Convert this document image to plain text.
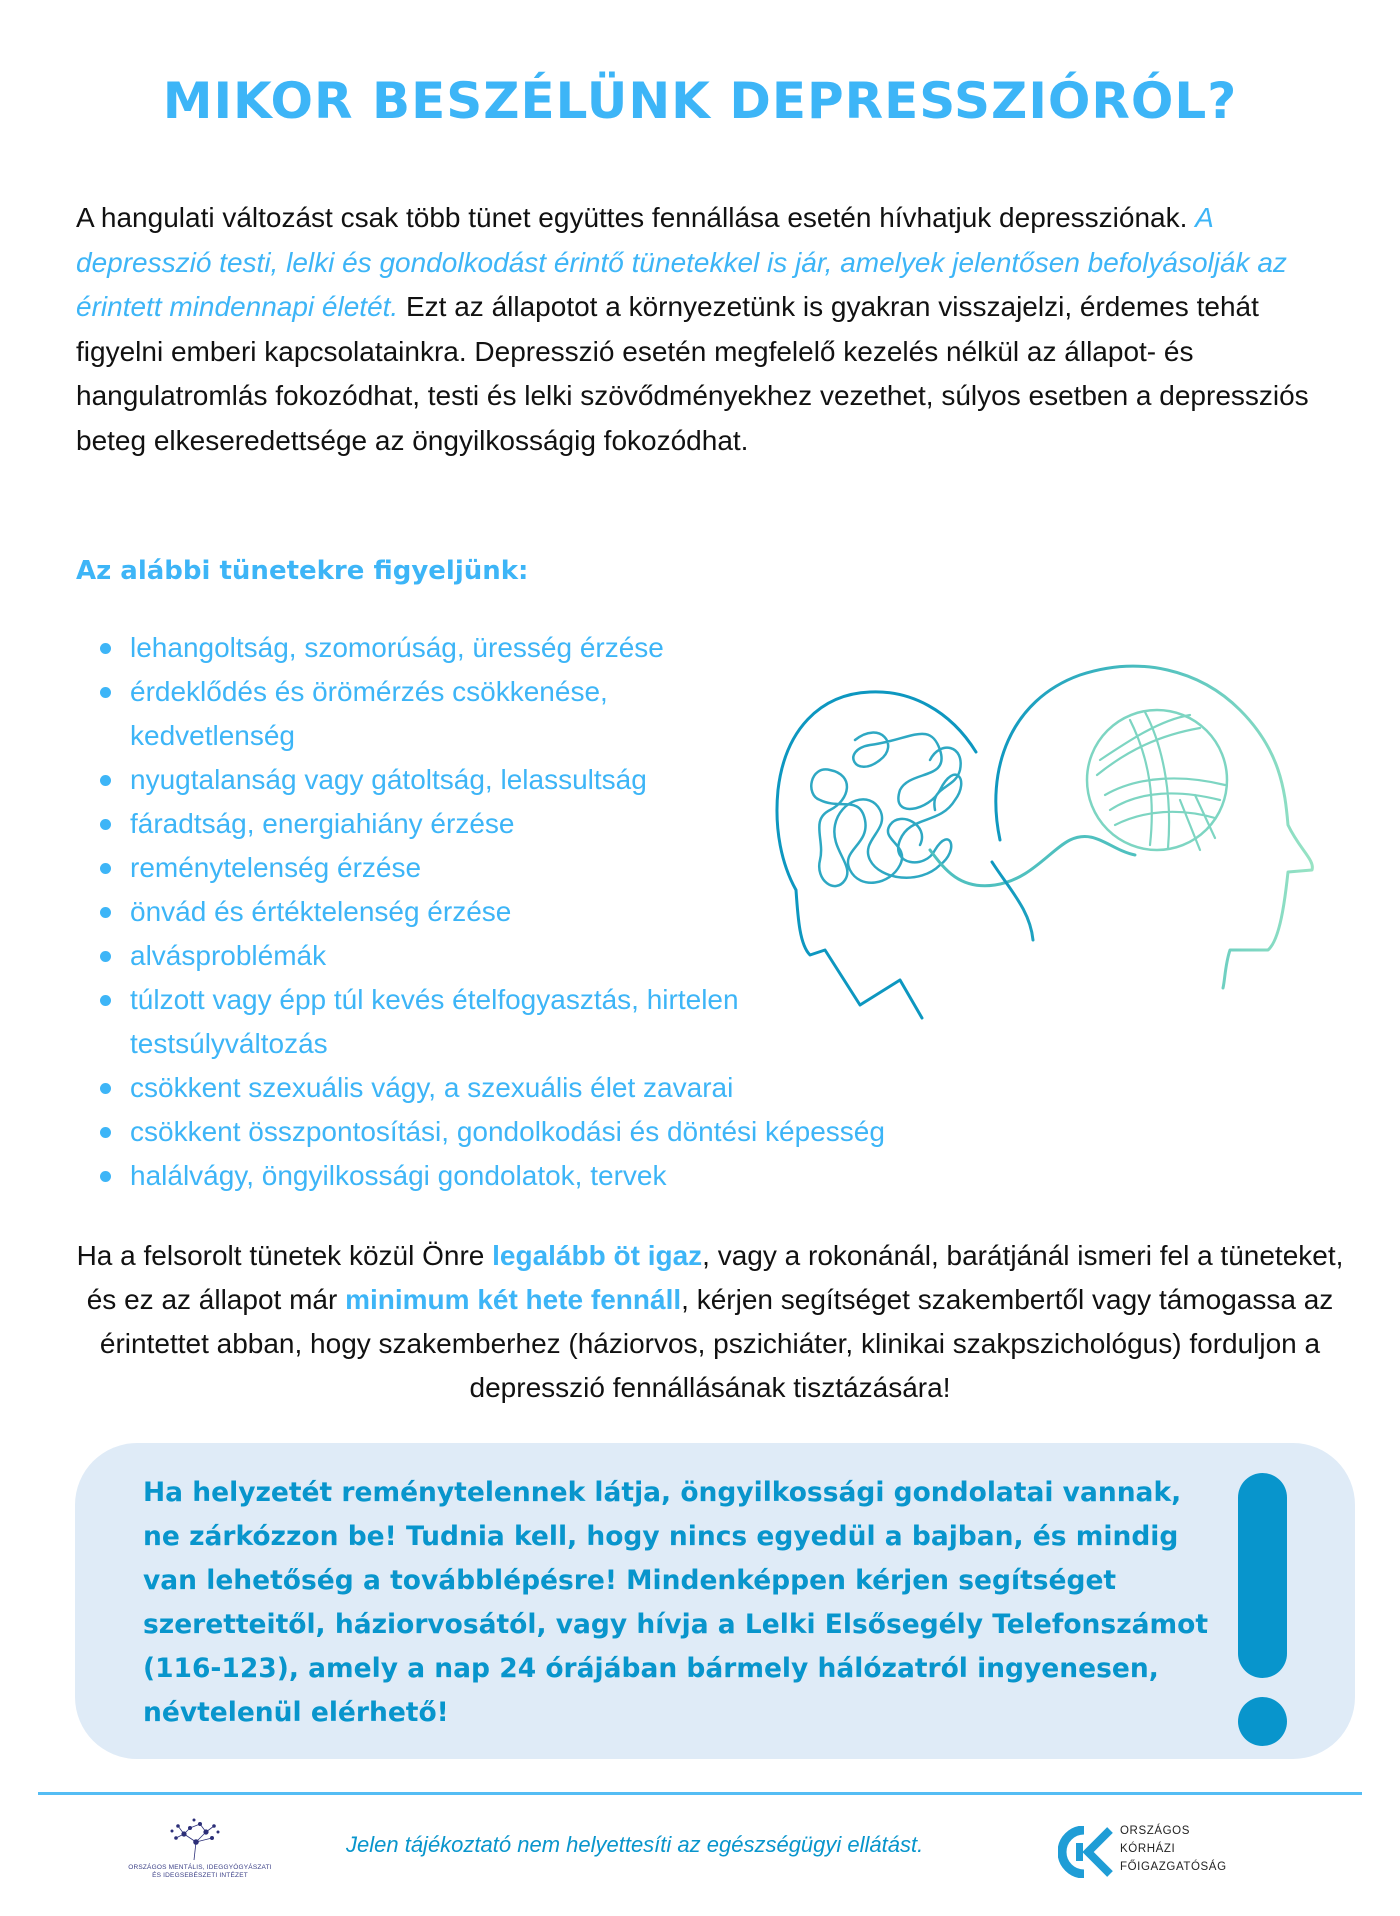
MIKOR BESZÉLÜNK DEPRESSZIÓRÓL?

A hangulati változást csak több tünet együttes fennállása esetén hívhatjuk depressziónak. A depresszió testi, lelki és gondolkodást érintő tünetekkel is jár, amelyek jelentősen befolyásolják az érintett mindennapi életét. Ezt az állapotot a környezetünk is gyakran visszajelzi, érdemes tehát figyelni emberi kapcsolatainkra. Depresszió esetén megfelelő kezelés nélkül az állapot- és hangulatromlás fokozódhat, testi és lelki szövődményekhez vezethet, súlyos esetben a depressziós beteg elkeseredettsége az öngyilkosságig fokozódhat.

Az alábbi tünetekre figyeljünk:
lehangoltság, szomorúság, üresség érzése
érdeklődés és örömérzés csökkenése, kedvetlenség
nyugtalanság vagy gátoltság, lelassultság
fáradtság, energiahiány érzése
reménytelenség érzése
önvád és értéktelenség érzése
alvásproblémák
túlzott vagy épp túl kevés ételfogyasztás, hirtelen testsúlyváltozás
csökkent szexuális vágy, a szexuális élet zavarai
csökkent összpontosítási, gondolkodási és döntési képesség
halálvágy, öngyilkossági gondolatok, tervek

Ha a felsorolt tünetek közül Önre legalább öt igaz, vagy a rokonánál, barátjánál ismeri fel a tüneteket, és ez az állapot már minimum két hete fennáll, kérjen segítséget szakembertől vagy támogassa az érintettet abban, hogy szakemberhez (háziorvos, pszichiáter, klinikai szakpszichológus) forduljon a depresszió fennállásának tisztázására!

Ha helyzetét reménytelennek látja, öngyilkossági gondolatai vannak, ne zárkózzon be! Tudnia kell, hogy nincs egyedül a bajban, és mindig van lehetőség a továbblépésre! Mindenképpen kérjen segítséget szeretteitől, háziorvosától, vagy hívja a Lelki Elsősegély Telefonszámot (116-123), amely a nap 24 órájában bármely hálózatról ingyenesen, névtelenül elérhető!

ORSZÁGOS MENTÁLIS, IDEGGYÓGYÁSZATI
ÉS IDEGSEBÉSZETI INTÉZET

Jelen tájékoztató nem helyettesíti az egészségügyi ellátást.

ORSZÁGOS
KÓRHÁZI
FŐIGAZGATÓSÁG
